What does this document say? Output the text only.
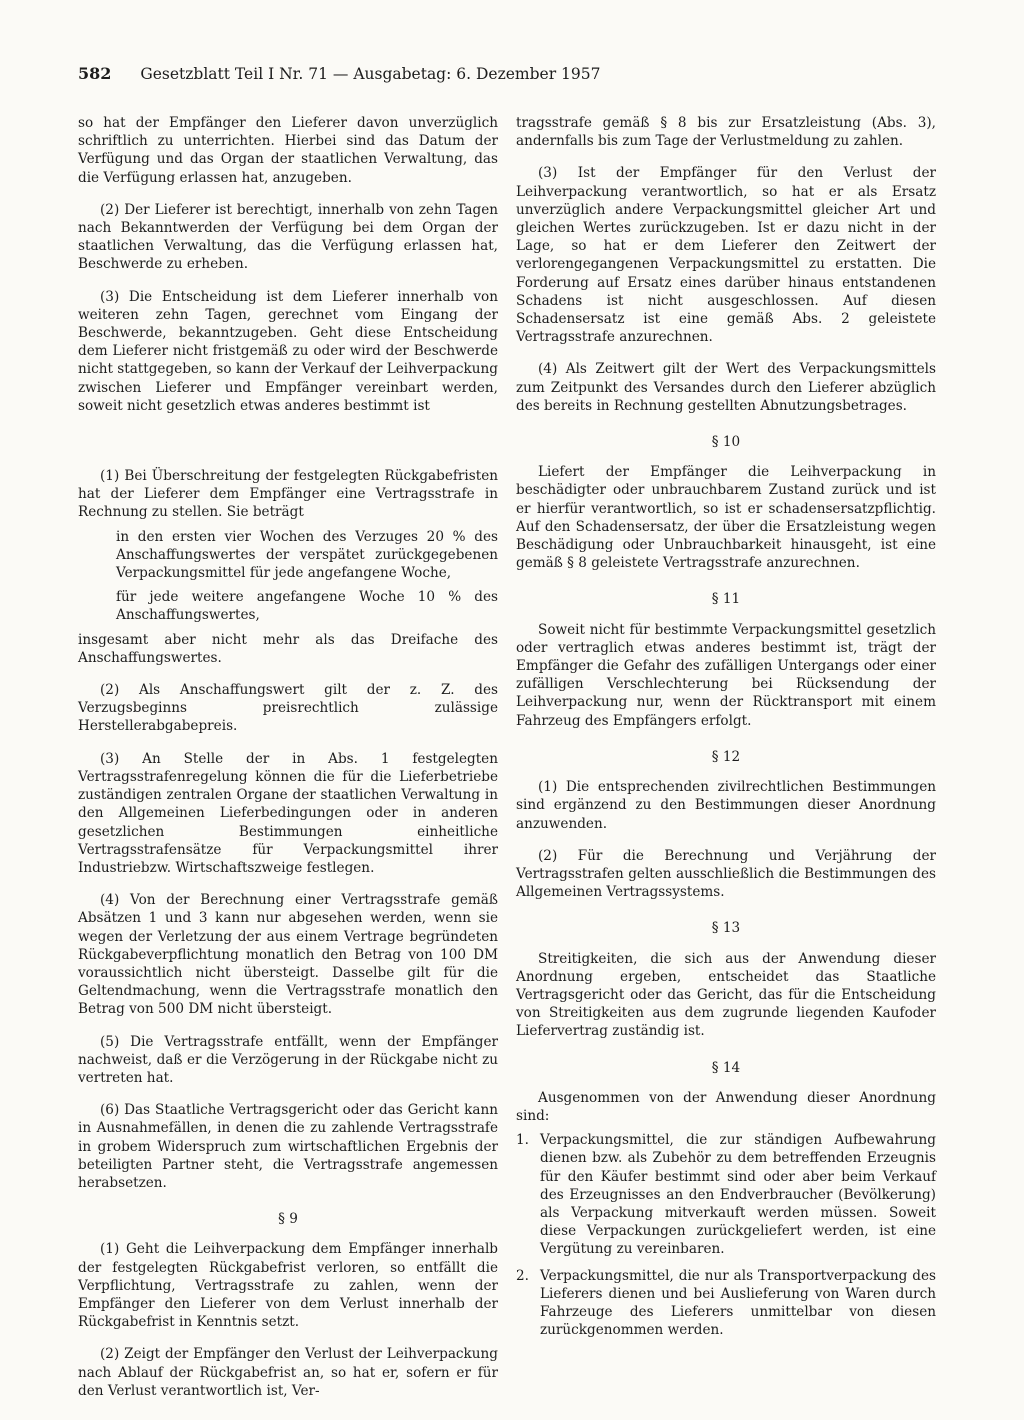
582 Gesetzblatt Teil I Nr. 71 — Ausgabetag: 6. Dezember 1957

so hat der Empfänger den Lieferer davon unverzüglich schriftlich zu unterrichten. Hierbei sind das Datum der Verfügung und das Organ der staatlichen Verwaltung, das die Verfügung erlassen hat, anzugeben.

(2) Der Lieferer ist berechtigt, innerhalb von zehn Tagen nach Bekanntwerden der Verfügung bei dem Organ der staatlichen Verwaltung, das die Verfügung erlassen hat, Beschwerde zu erheben.

(3) Die Entscheidung ist dem Lieferer innerhalb von weiteren zehn Tagen, gerechnet vom Eingang der Beschwerde, bekanntzugeben. Geht diese Entscheidung dem Lieferer nicht fristgemäß zu oder wird der Beschwerde nicht stattgegeben, so kann der Verkauf der Leihverpackung zwischen Lieferer und Empfänger vereinbart werden, soweit nicht gesetzlich etwas anderes bestimmt ist

(1) Bei Überschreitung der festgelegten Rückgabefristen hat der Lieferer dem Empfänger eine Vertragsstrafe in Rechnung zu stellen. Sie beträgt

in den ersten vier Wochen des Verzuges 20 % des Anschaffungswertes der verspätet zurückgegebenen Verpackungsmittel für jede angefangene Woche,

für jede weitere angefangene Woche 10 % des Anschaffungswertes,

insgesamt aber nicht mehr als das Dreifache des Anschaffungswertes.

(2) Als Anschaffungswert gilt der z. Z. des Verzugsbeginns preisrechtlich zulässige Herstellerabgabepreis.

(3) An Stelle der in Abs. 1 festgelegten Vertragsstrafenregelung können die für die Lieferbetriebe zuständigen zentralen Organe der staatlichen Verwaltung in den Allgemeinen Lieferbedingungen oder in anderen gesetzlichen Bestimmungen einheitliche Vertragsstrafensätze für Verpackungsmittel ihrer Industriebzw. Wirtschaftszweige festlegen.

(4) Von der Berechnung einer Vertragsstrafe gemäß Absätzen 1 und 3 kann nur abgesehen werden, wenn sie wegen der Verletzung der aus einem Vertrage begründeten Rückgabeverpflichtung monatlich den Betrag von 100 DM voraussichtlich nicht übersteigt. Dasselbe gilt für die Geltendmachung, wenn die Vertragsstrafe monatlich den Betrag von 500 DM nicht übersteigt.

(5) Die Vertragsstrafe entfällt, wenn der Empfänger nachweist, daß er die Verzögerung in der Rückgabe nicht zu vertreten hat.

(6) Das Staatliche Vertragsgericht oder das Gericht kann in Ausnahmefällen, in denen die zu zahlende Vertragsstrafe in grobem Widerspruch zum wirtschaftlichen Ergebnis der beteiligten Partner steht, die Vertragsstrafe angemessen herabsetzen.

§ 9

(1) Geht die Leihverpackung dem Empfänger innerhalb der festgelegten Rückgabefrist verloren, so entfällt die Verpflichtung, Vertragsstrafe zu zahlen, wenn der Empfänger den Lieferer von dem Verlust innerhalb der Rückgabefrist in Kenntnis setzt.

(2) Zeigt der Empfänger den Verlust der Leihverpackung nach Ablauf der Rückgabefrist an, so hat er, sofern er für den Verlust verantwortlich ist, Ver-

tragsstrafe gemäß § 8 bis zur Ersatzleistung (Abs. 3), andernfalls bis zum Tage der Verlustmeldung zu zahlen.

(3) Ist der Empfänger für den Verlust der Leihverpackung verantwortlich, so hat er als Ersatz unverzüglich andere Verpackungsmittel gleicher Art und gleichen Wertes zurückzugeben. Ist er dazu nicht in der Lage, so hat er dem Lieferer den Zeitwert der verlorengegangenen Verpackungsmittel zu erstatten. Die Forderung auf Ersatz eines darüber hinaus entstandenen Schadens ist nicht ausgeschlossen. Auf diesen Schadensersatz ist eine gemäß Abs. 2 geleistete Vertragsstrafe anzurechnen.

(4) Als Zeitwert gilt der Wert des Verpackungsmittels zum Zeitpunkt des Versandes durch den Lieferer abzüglich des bereits in Rechnung gestellten Abnutzungsbetrages.

§ 10

Liefert der Empfänger die Leihverpackung in beschädigter oder unbrauchbarem Zustand zurück und ist er hierfür verantwortlich, so ist er schadensersatzpflichtig. Auf den Schadensersatz, der über die Ersatzleistung wegen Beschädigung oder Unbrauchbarkeit hinausgeht, ist eine gemäß § 8 geleistete Vertragsstrafe anzurechnen.

§ 11

Soweit nicht für bestimmte Verpackungsmittel gesetzlich oder vertraglich etwas anderes bestimmt ist, trägt der Empfänger die Gefahr des zufälligen Untergangs oder einer zufälligen Verschlechterung bei Rücksendung der Leihverpackung nur, wenn der Rücktransport mit einem Fahrzeug des Empfängers erfolgt.

§ 12

(1) Die entsprechenden zivilrechtlichen Bestimmungen sind ergänzend zu den Bestimmungen dieser Anordnung anzuwenden.

(2) Für die Berechnung und Verjährung der Vertragsstrafen gelten ausschließlich die Bestimmungen des Allgemeinen Vertragssystems.

§ 13

Streitigkeiten, die sich aus der Anwendung dieser Anordnung ergeben, entscheidet das Staatliche Vertragsgericht oder das Gericht, das für die Entscheidung von Streitigkeiten aus dem zugrunde liegenden Kaufoder Liefervertrag zuständig ist.

§ 14

Ausgenommen von der Anwendung dieser Anordnung sind:

1. Verpackungsmittel, die zur ständigen Aufbewahrung dienen bzw. als Zubehör zu dem betreffenden Erzeugnis für den Käufer bestimmt sind oder aber beim Verkauf des Erzeugnisses an den Endverbraucher (Bevölkerung) als Verpackung mitverkauft werden müssen. Soweit diese Verpackungen zurückgeliefert werden, ist eine Vergütung zu vereinbaren.
2. Verpackungsmittel, die nur als Transportverpackung des Lieferers dienen und bei Auslieferung von Waren durch Fahrzeuge des Lieferers unmittelbar von diesen zurückgenommen werden.
